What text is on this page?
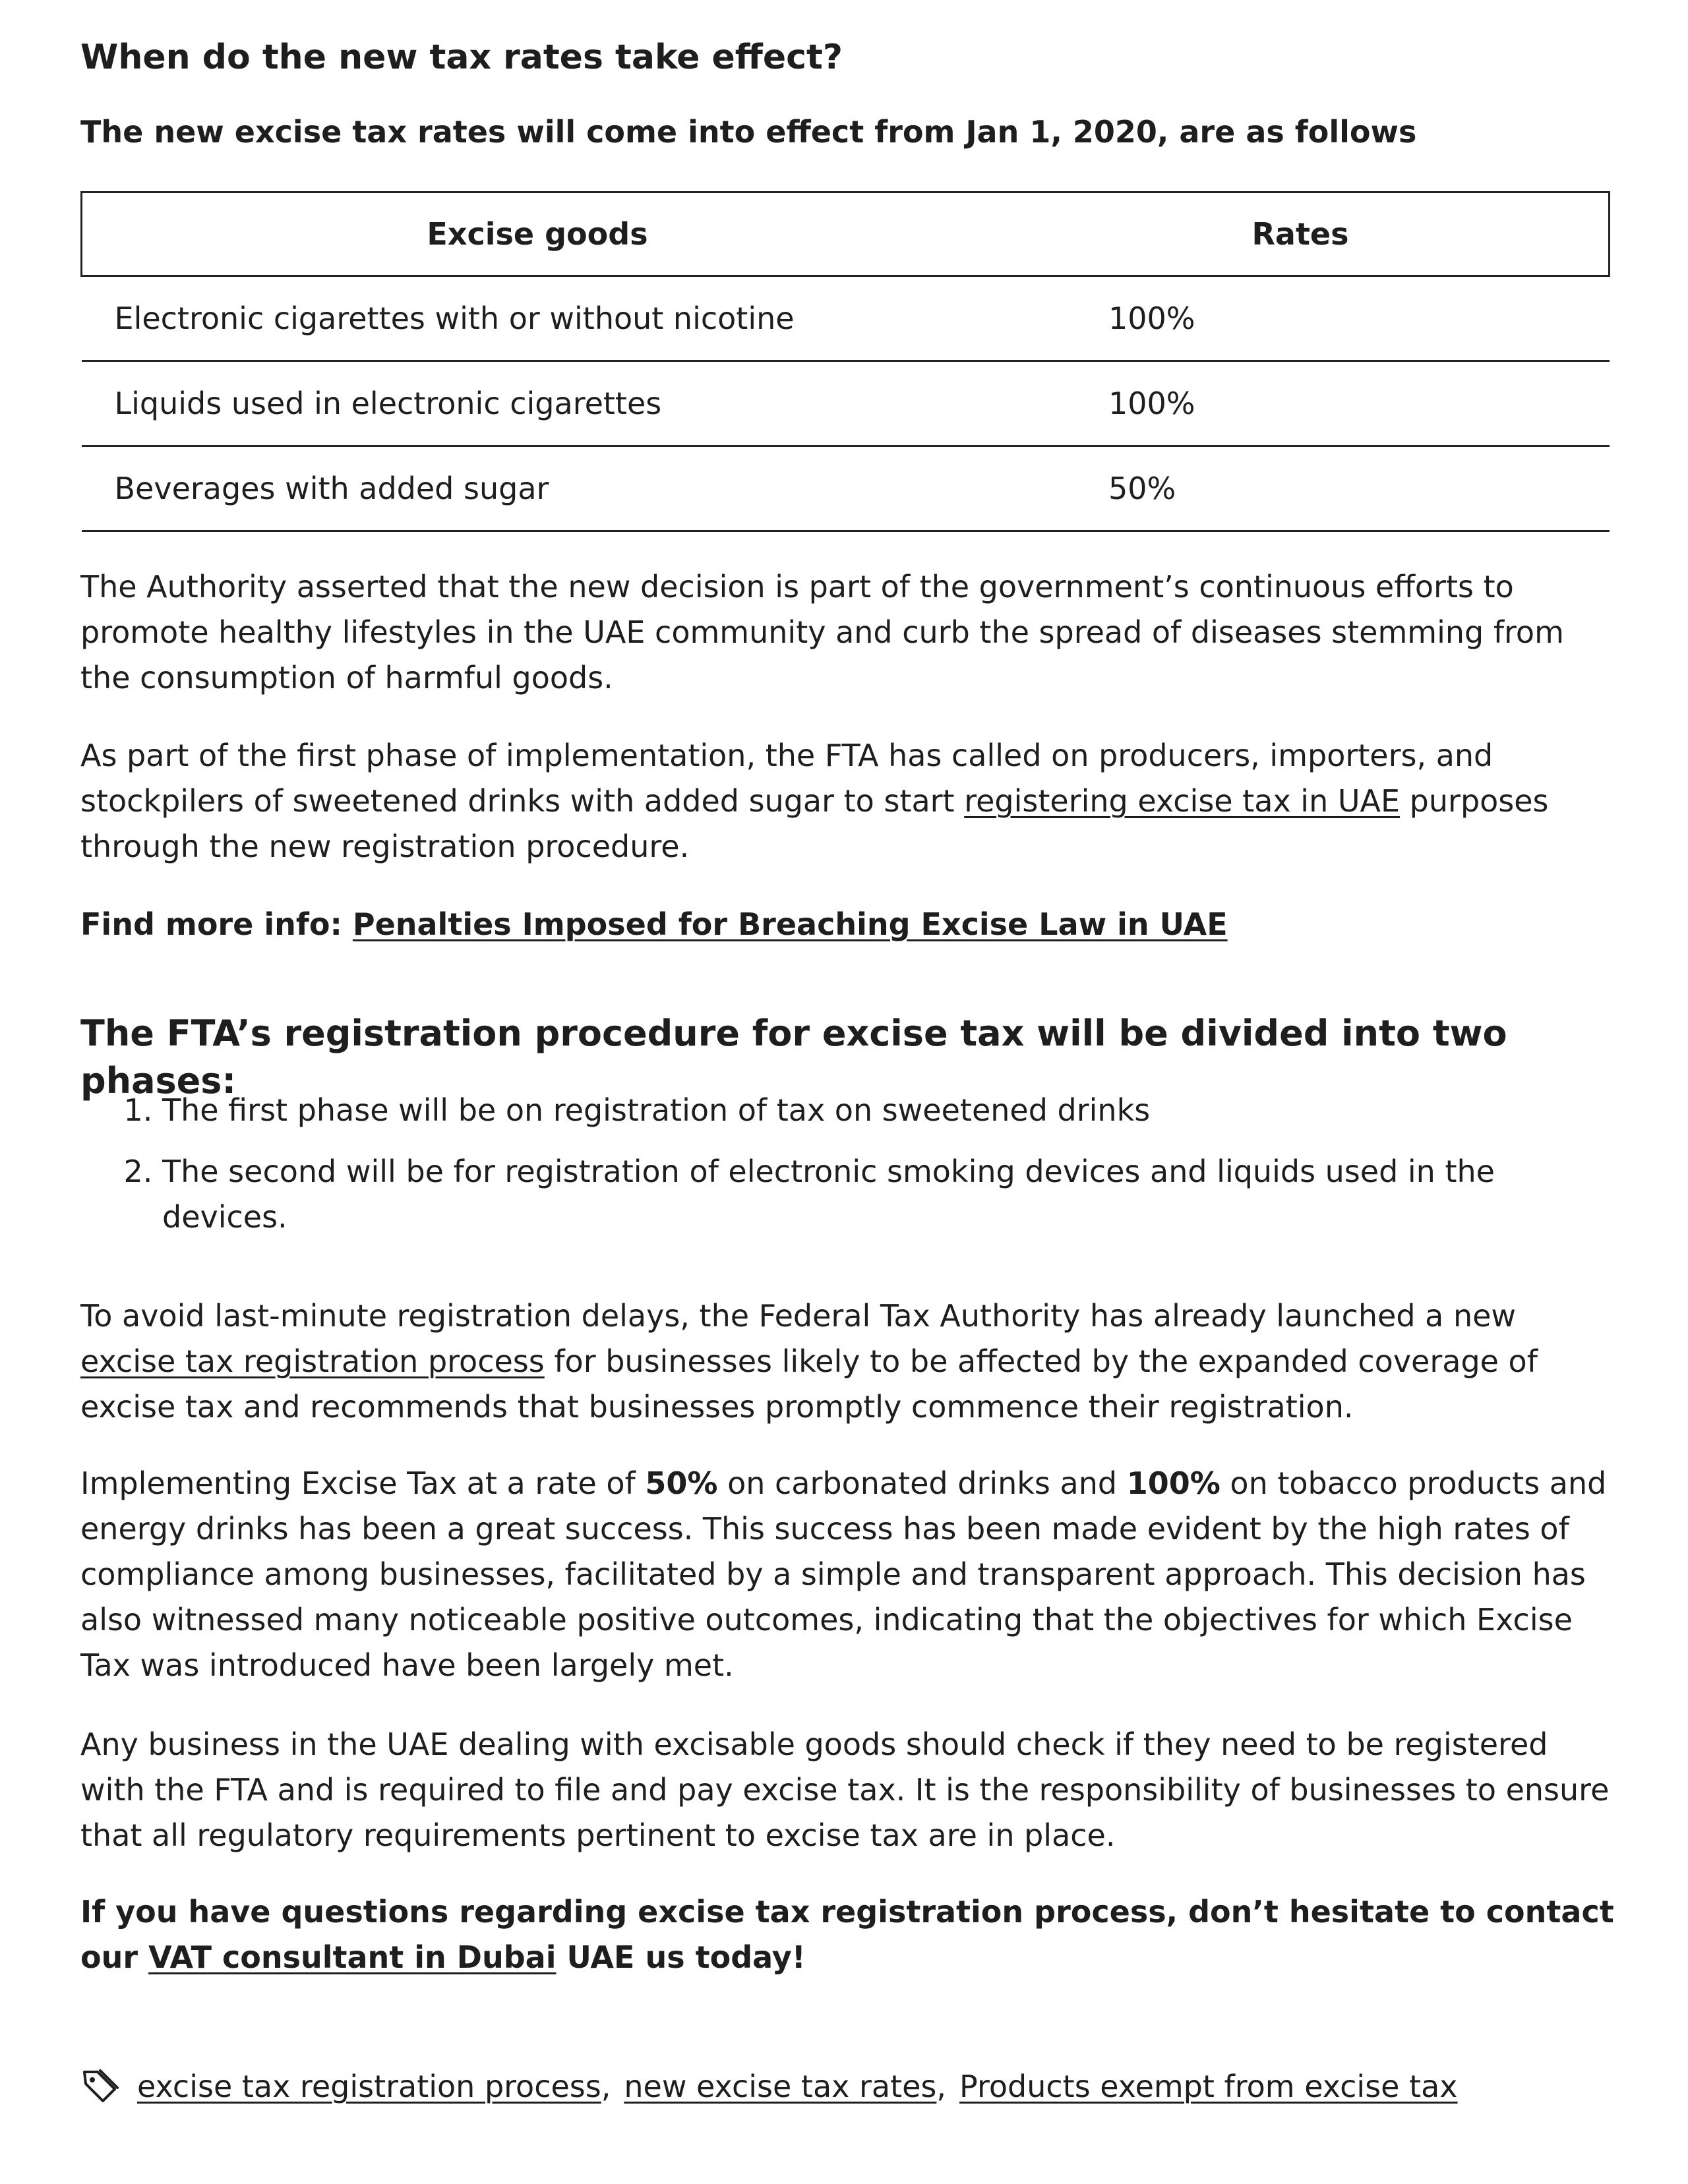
When do the new tax rates take effect?
The new excise tax rates will come into effect from Jan 1, 2020, are as follows
Excise goods	Rates
Electronic cigarettes with or without nicotine	100%
Liquids used in electronic cigarettes	100%
Beverages with added sugar	50%

The Authority asserted that the new decision is part of the government’s continuous efforts to promote healthy lifestyles in the UAE community and curb the spread of diseases stemming from the consumption of harmful goods.

As part of the first phase of implementation, the FTA has called on producers, importers, and stockpilers of sweetened drinks with added sugar to start registering excise tax in UAE purposes through the new registration procedure.

Find more info: Penalties Imposed for Breaching Excise Law in UAE

The FTA’s registration procedure for excise tax will be divided into two phases:
1. The first phase will be on registration of tax on sweetened drinks
2. The second will be for registration of electronic smoking devices and liquids used in the devices.

To avoid last-minute registration delays, the Federal Tax Authority has already launched a new excise tax registration process for businesses likely to be affected by the expanded coverage of excise tax and recommends that businesses promptly commence their registration.

Implementing Excise Tax at a rate of 50% on carbonated drinks and 100% on tobacco products and energy drinks has been a great success. This success has been made evident by the high rates of compliance among businesses, facilitated by a simple and transparent approach. This decision has also witnessed many noticeable positive outcomes, indicating that the objectives for which Excise Tax was introduced have been largely met.

Any business in the UAE dealing with excisable goods should check if they need to be registered with the FTA and is required to file and pay excise tax. It is the responsibility of businesses to ensure that all regulatory requirements pertinent to excise tax are in place.

If you have questions regarding excise tax registration process, don’t hesitate to contact our VAT consultant in Dubai UAE us today!

excise tax registration process , new excise tax rates , Products exempt from excise tax
